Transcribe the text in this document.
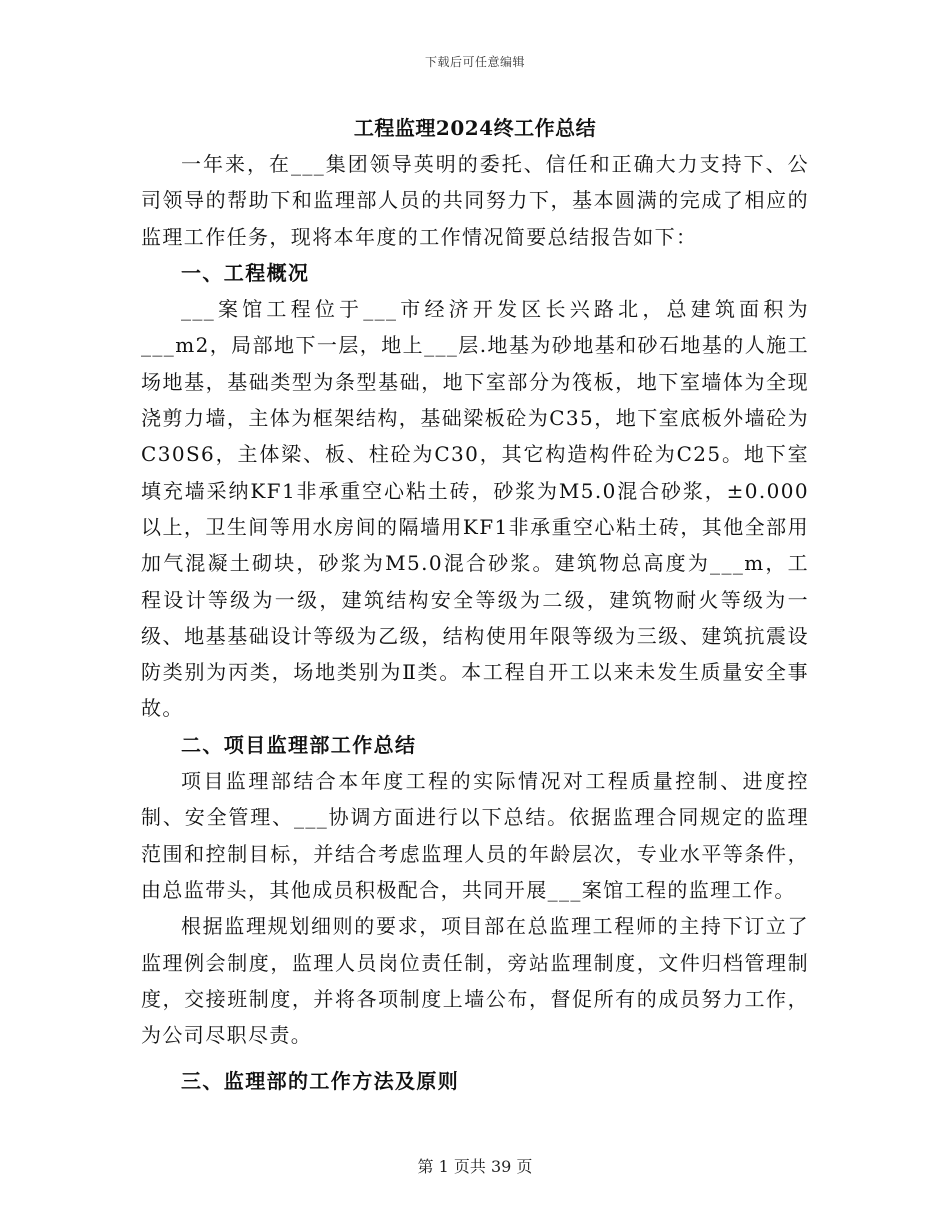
下载后可任意编辑
工程监理2024终工作总结

一年来，在___集团领导英明的委托、信任和正确大力支持下、公司领导的帮助下和监理部人员的共同努力下，基本圆满的完成了相应的监理工作任务，现将本年度的工作情况简要总结报告如下：

一、工程概况

___案馆工程位于___市经济开发区长兴路北，总建筑面积为___m2，局部地下一层，地上___层.地基为砂地基和砂石地基的人施工场地基，基础类型为条型基础，地下室部分为筏板，地下室墙体为全现浇剪力墙，主体为框架结构，基础梁板砼为C35，地下室底板外墙砼为C30S6，主体梁、板、柱砼为C30，其它构造构件砼为C25。地下室填充墙采纳KF1非承重空心粘土砖，砂浆为M5.0混合砂浆，±0.000以上，卫生间等用水房间的隔墙用KF1非承重空心粘土砖，其他全部用加气混凝土砌块，砂浆为M5.0混合砂浆。建筑物总高度为___m，工程设计等级为一级，建筑结构安全等级为二级，建筑物耐火等级为一级、地基基础设计等级为乙级，结构使用年限等级为三级、建筑抗震设防类别为丙类，场地类别为Ⅱ类。本工程自开工以来未发生质量安全事故。

二、项目监理部工作总结

项目监理部结合本年度工程的实际情况对工程质量控制、进度控制、安全管理、___协调方面进行以下总结。依据监理合同规定的监理范围和控制目标，并结合考虑监理人员的年龄层次，专业水平等条件，由总监带头，其他成员积极配合，共同开展___案馆工程的监理工作。

根据监理规划细则的要求，项目部在总监理工程师的主持下订立了监理例会制度，监理人员岗位责任制，旁站监理制度，文件归档管理制度，交接班制度，并将各项制度上墙公布，督促所有的成员努力工作，为公司尽职尽责。

三、监理部的工作方法及原则
第 1 页共 39 页
